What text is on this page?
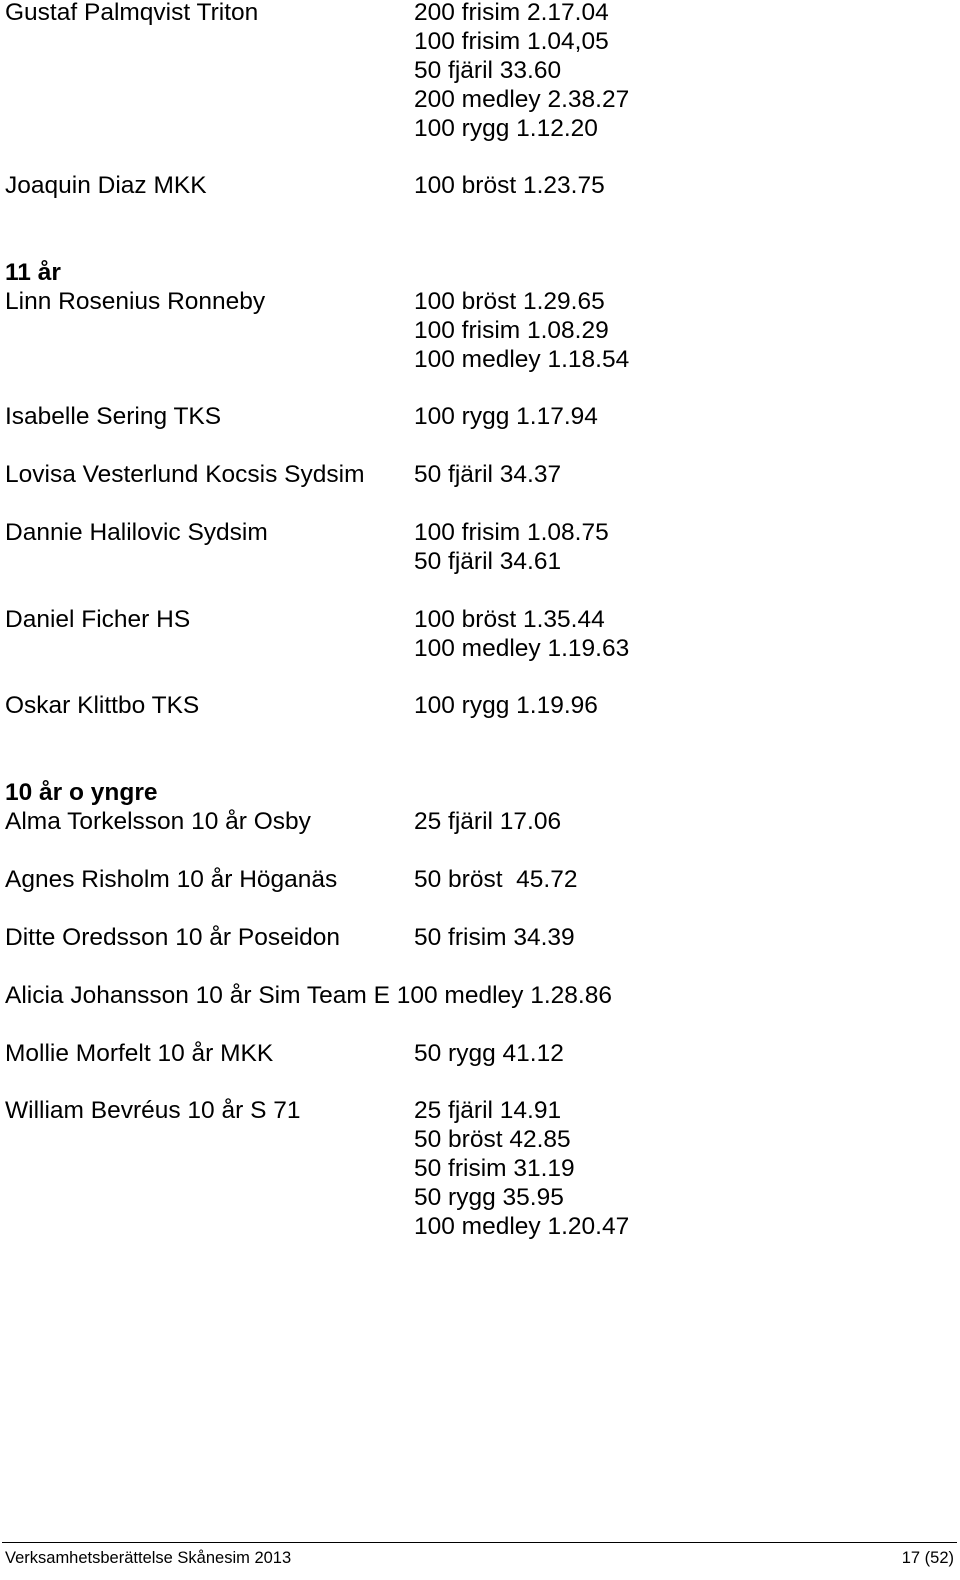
Gustaf Palmqvist Triton	200 frisim 2.17.04
100 frisim 1.04,05
50 fjäril 33.60
200 medley 2.38.27
100 rygg 1.12.20
Joaquin Diaz MKK	100 bröst 1.23.75
11 år
Linn Rosenius Ronneby	100 bröst 1.29.65
100 frisim 1.08.29
100 medley 1.18.54
Isabelle Sering TKS	100 rygg 1.17.94
Lovisa Vesterlund Kocsis Sydsim 50 fjäril 34.37
Dannie Halilovic Sydsim	100 frisim 1.08.75
50 fjäril 34.61
Daniel Ficher HS	100 bröst 1.35.44
100 medley 1.19.63
Oskar Klittbo TKS	100 rygg 1.19.96
10 år o yngre
Alma Torkelsson 10 år Osby	25 fjäril 17.06
Agnes Risholm 10 år Höganäs	50 bröst  45.72
Ditte Oredsson 10 år Poseidon	50 frisim 34.39
Alicia Johansson 10 år Sim Team E 100 medley 1.28.86
Mollie Morfelt 10 år MKK	50 rygg 41.12
William Bevréus 10 år S 71	25 fjäril 14.91
50 bröst 42.85
50 frisim 31.19
50 rygg 35.95
100 medley 1.20.47
Verksamhetsberättelse Skånesim 2013	17 (52)
